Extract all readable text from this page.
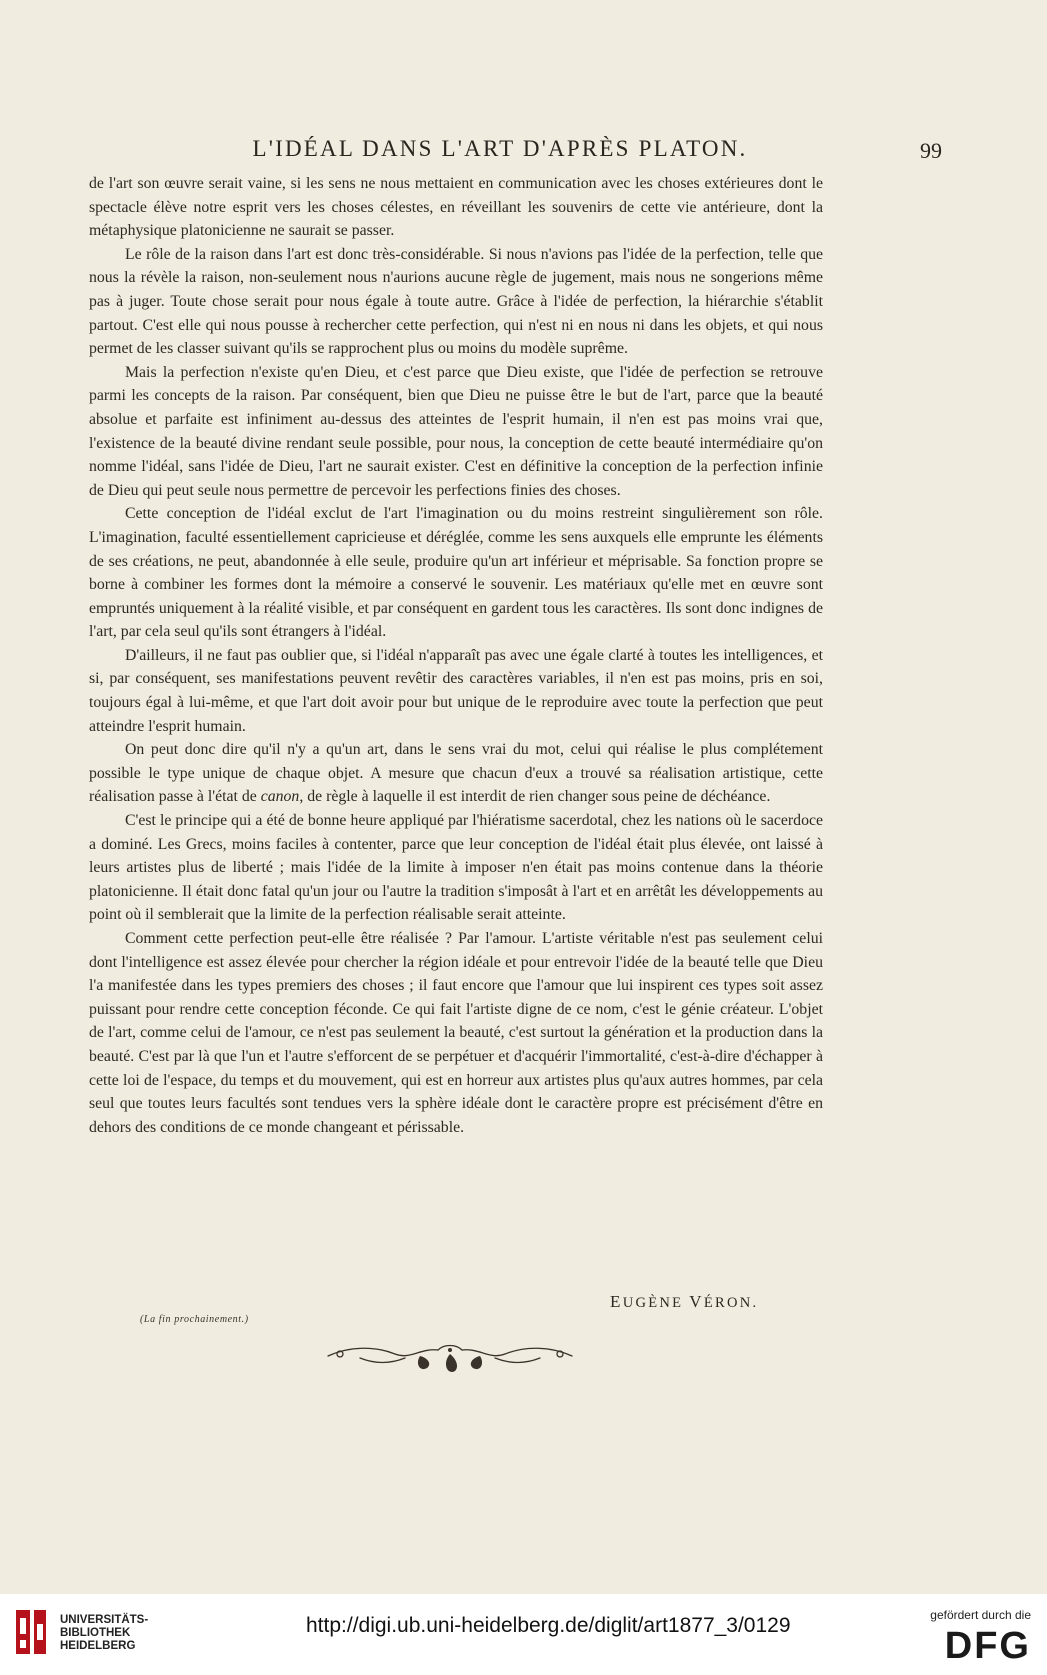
L'IDÉAL DANS L'ART D'APRÈS PLATON.	99

de l'art son œuvre serait vaine, si les sens ne nous mettaient en communication avec les choses extérieures dont le spectacle élève notre esprit vers les choses célestes, en réveillant les souvenirs de cette vie antérieure, dont la métaphysique platonicienne ne saurait se passer.

Le rôle de la raison dans l'art est donc très-considérable. Si nous n'avions pas l'idée de la perfection, telle que nous la révèle la raison, non-seulement nous n'aurions aucune règle de jugement, mais nous ne songerions même pas à juger. Toute chose serait pour nous égale à toute autre. Grâce à l'idée de perfection, la hiérarchie s'établit partout. C'est elle qui nous pousse à rechercher cette perfection, qui n'est ni en nous ni dans les objets, et qui nous permet de les classer suivant qu'ils se rapprochent plus ou moins du modèle suprême.

Mais la perfection n'existe qu'en Dieu, et c'est parce que Dieu existe, que l'idée de perfection se retrouve parmi les concepts de la raison. Par conséquent, bien que Dieu ne puisse être le but de l'art, parce que la beauté absolue et parfaite est infiniment au-dessus des atteintes de l'esprit humain, il n'en est pas moins vrai que, l'existence de la beauté divine rendant seule possible, pour nous, la conception de cette beauté intermédiaire qu'on nomme l'idéal, sans l'idée de Dieu, l'art ne saurait exister. C'est en définitive la conception de la perfection infinie de Dieu qui peut seule nous permettre de percevoir les perfections finies des choses.

Cette conception de l'idéal exclut de l'art l'imagination ou du moins restreint singulièrement son rôle. L'imagination, faculté essentiellement capricieuse et déréglée, comme les sens auxquels elle emprunte les éléments de ses créations, ne peut, abandonnée à elle seule, produire qu'un art inférieur et méprisable. Sa fonction propre se borne à combiner les formes dont la mémoire a conservé le souvenir. Les matériaux qu'elle met en œuvre sont empruntés uniquement à la réalité visible, et par conséquent en gardent tous les caractères. Ils sont donc indignes de l'art, par cela seul qu'ils sont étrangers à l'idéal.

D'ailleurs, il ne faut pas oublier que, si l'idéal n'apparaît pas avec une égale clarté à toutes les intelligences, et si, par conséquent, ses manifestations peuvent revêtir des caractères variables, il n'en est pas moins, pris en soi, toujours égal à lui-même, et que l'art doit avoir pour but unique de le reproduire avec toute la perfection que peut atteindre l'esprit humain.

On peut donc dire qu'il n'y a qu'un art, dans le sens vrai du mot, celui qui réalise le plus complétement possible le type unique de chaque objet. A mesure que chacun d'eux a trouvé sa réalisation artistique, cette réalisation passe à l'état de canon, de règle à laquelle il est interdit de rien changer sous peine de déchéance.

C'est le principe qui a été de bonne heure appliqué par l'hiératisme sacerdotal, chez les nations où le sacerdoce a dominé. Les Grecs, moins faciles à contenter, parce que leur conception de l'idéal était plus élevée, ont laissé à leurs artistes plus de liberté ; mais l'idée de la limite à imposer n'en était pas moins contenue dans la théorie platonicienne. Il était donc fatal qu'un jour ou l'autre la tradition s'imposât à l'art et en arrêtât les développements au point où il semblerait que la limite de la perfection réalisable serait atteinte.

Comment cette perfection peut-elle être réalisée ? Par l'amour. L'artiste véritable n'est pas seulement celui dont l'intelligence est assez élevée pour chercher la région idéale et pour entrevoir l'idée de la beauté telle que Dieu l'a manifestée dans les types premiers des choses ; il faut encore que l'amour que lui inspirent ces types soit assez puissant pour rendre cette conception féconde. Ce qui fait l'artiste digne de ce nom, c'est le génie créateur. L'objet de l'art, comme celui de l'amour, ce n'est pas seulement la beauté, c'est surtout la génération et la production dans la beauté. C'est par là que l'un et l'autre s'efforcent de se perpétuer et d'acquérir l'immortalité, c'est-à-dire d'échapper à cette loi de l'espace, du temps et du mouvement, qui est en horreur aux artistes plus qu'aux autres hommes, par cela seul que toutes leurs facultés sont tendues vers la sphère idéale dont le caractère propre est précisément d'être en dehors des conditions de ce monde changeant et périssable.

EUGÈNE VÉRON.
(La fin prochainement.)
UNIVERSITÄTS-
BIBLIOTHEK
HEIDELBERG
http://digi.ub.uni-heidelberg.de/diglit/art1877_3/0129	gefördert durch die
DFG
